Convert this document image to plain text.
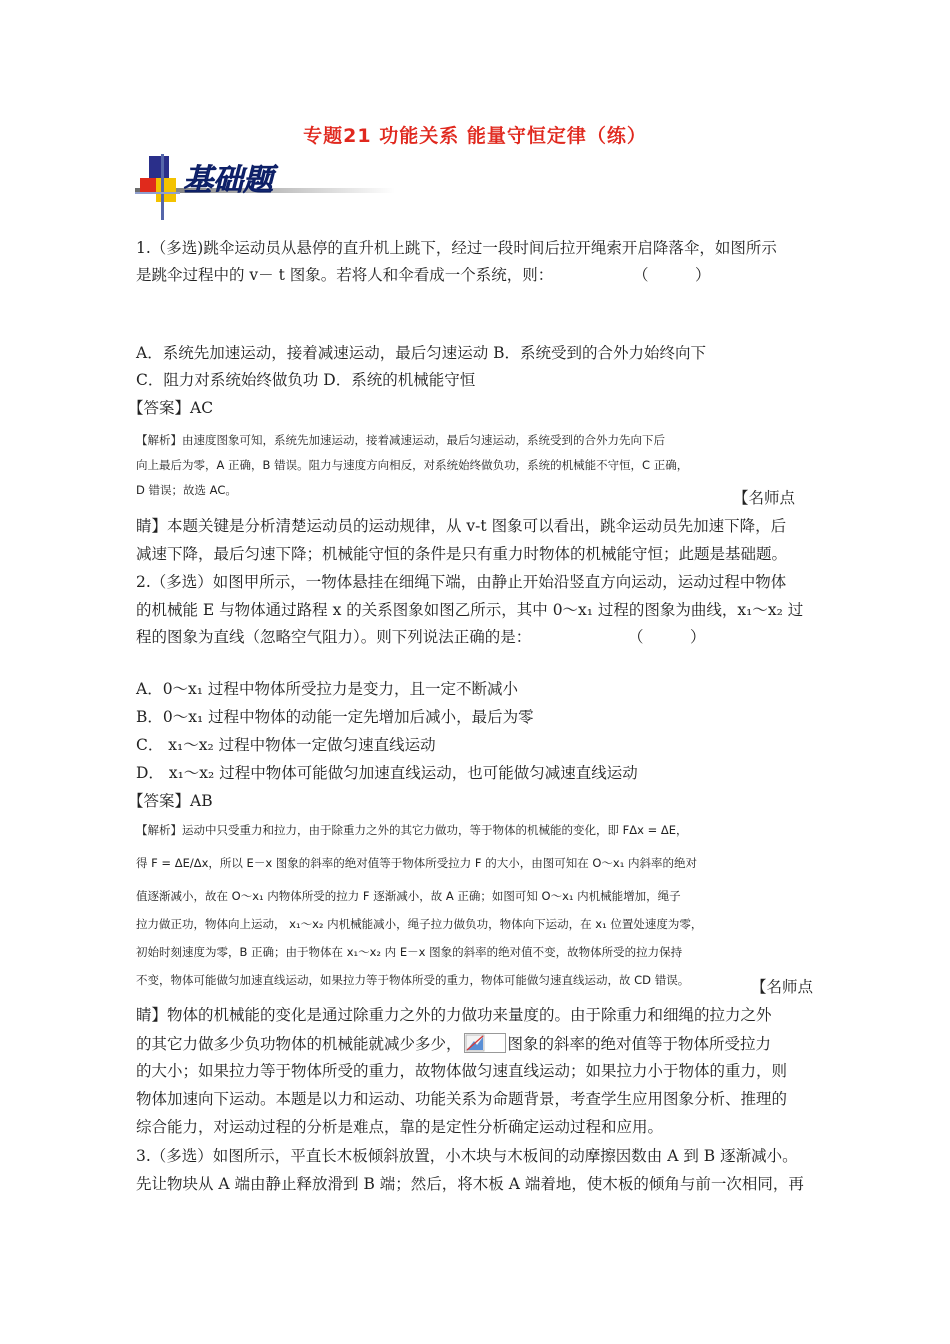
专题21 功能关系 能量守恒定律（练）
基础题
1.（多选)跳伞运动员从悬停的直升机上跳下，经过一段时间后拉开绳索开启降落伞，如图所示
是跳伞过程中的 v－ t 图象。若将人和伞看成一个系统，则：	（　　　）
A．系统先加速运动，接着减速运动，最后匀速运动 B．系统受到的合外力始终向下
C．阻力对系统始终做负功 D．系统的机械能守恒
【答案】AC
【解析】由速度图象可知，系统先加速运动，接着减速运动，最后匀速运动，系统受到的合外力先向下后
向上最后为零，A 正确，B 错误。阻力与速度方向相反，对系统始终做负功，系统的机械能不守恒，C 正确，
D 错误；故选 AC。	【名师点
睛】本题关键是分析清楚运动员的运动规律，从 v-t 图象可以看出，跳伞运动员先加速下降，后
减速下降，最后匀速下降；机械能守恒的条件是只有重力时物体的机械能守恒；此题是基础题。
2.（多选）如图甲所示，一物体悬挂在细绳下端，由静止开始沿竖直方向运动，运动过程中物体
的机械能 E 与物体通过路程 x 的关系图象如图乙所示，其中 0～x₁ 过程的图象为曲线，x₁～x₂ 过
程的图象为直线（忽略空气阻力）。则下列说法正确的是：	（　　　）
A．0～x₁ 过程中物体所受拉力是变力，且一定不断减小
B．0～x₁ 过程中物体的动能一定先增加后减小，最后为零
C． x₁～x₂ 过程中物体一定做匀速直线运动
D． x₁～x₂ 过程中物体可能做匀加速直线运动，也可能做匀减速直线运动
【答案】AB
【解析】运动中只受重力和拉力，由于除重力之外的其它力做功，等于物体的机械能的变化，即 FΔx = ΔE，
得 F = ΔE/Δx，所以 E－x 图象的斜率的绝对值等于物体所受拉力 F 的大小，由图可知在 O～x₁ 内斜率的绝对
值逐渐减小，故在 O～x₁ 内物体所受的拉力 F 逐渐减小，故 A 正确；如图可知 O～x₁ 内机械能增加，绳子
拉力做正功，物体向上运动， x₁～x₂ 内机械能减小，绳子拉力做负功，物体向下运动，在 x₁ 位置处速度为零，
初始时刻速度为零，B 正确；由于物体在 x₁～x₂ 内 E－x 图象的斜率的绝对值不变，故物体所受的拉力保持
不变，物体可能做匀加速直线运动，如果拉力等于物体所受的重力，物体可能做匀速直线运动，故 CD 错误。	【名师点
睛】物体的机械能的变化是通过除重力之外的力做功来量度的。由于除重力和细绳的拉力之外
的其它力做多少负功物体的机械能就减少多少，	图象的斜率的绝对值等于物体所受拉力
的大小；如果拉力等于物体所受的重力，故物体做匀速直线运动；如果拉力小于物体的重力，则
物体加速向下运动。本题是以力和运动、功能关系为命题背景，考查学生应用图象分析、推理的
综合能力，对运动过程的分析是难点，靠的是定性分析确定运动过程和应用。
3.（多选）如图所示，平直长木板倾斜放置，小木块与木板间的动摩擦因数由 A 到 B 逐渐减小。
先让物块从 A 端由静止释放滑到 B 端；然后，将木板 A 端着地，使木板的倾角与前一次相同，再
